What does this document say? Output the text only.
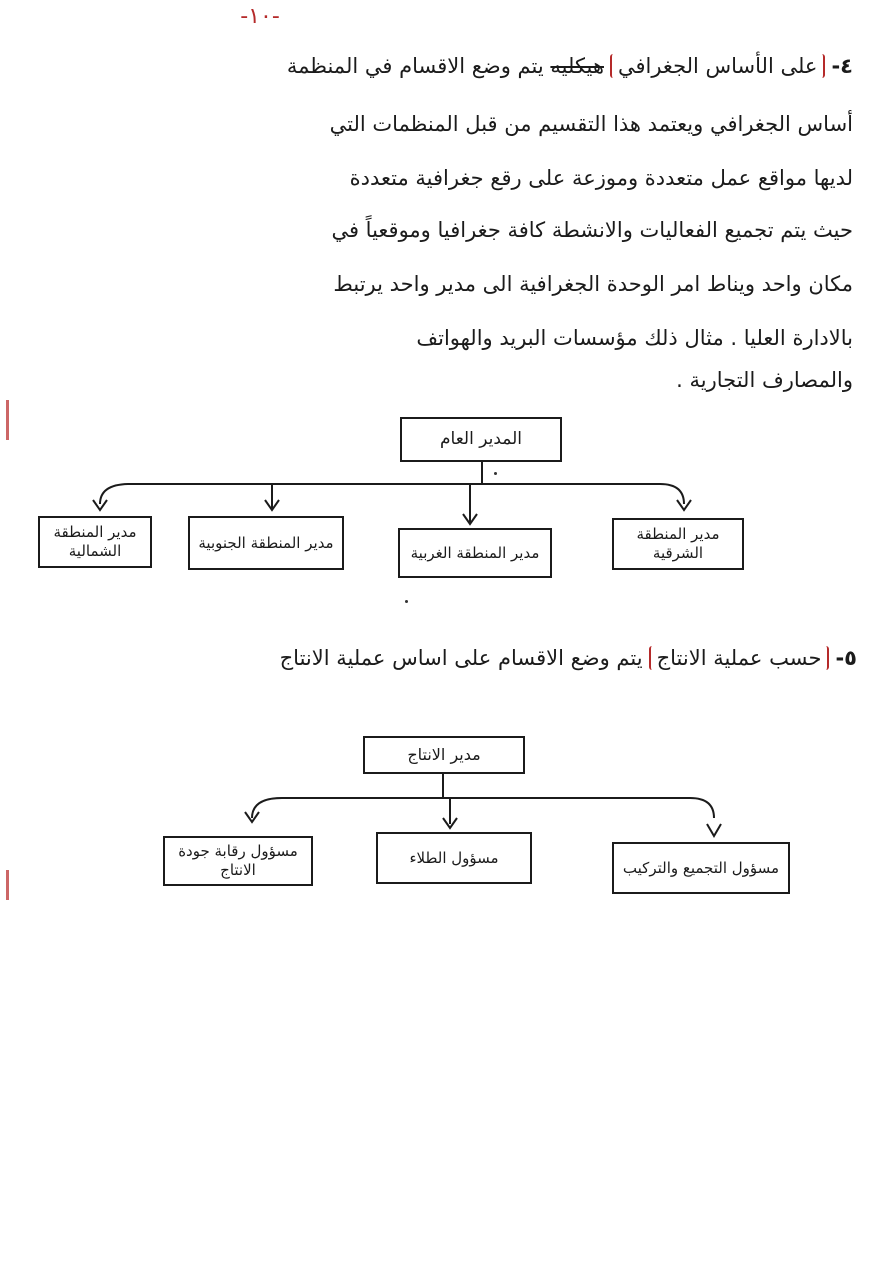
-١٠-
٤-على الأساس الجغرافيهيكليه يتم وضع الاقسام في المنظمة
أساس الجغرافي ويعتمد هذا التقسيم من قبل المنظمات التي
لديها مواقع عمل متعددة وموزعة على رقع جغرافية متعددة
حيث يتم تجميع الفعاليات والانشطة كافة جغرافيا وموقعياً في
مكان واحد ويناط امر الوحدة الجغرافية الى مدير واحد يرتبط
بالادارة العليا . مثال ذلك مؤسسات البريد والهواتف
والمصارف التجارية .
المدير العام
مدير المنطقة الشرقية
مدير المنطقة الغربية
مدير المنطقة الجنوبية
مدير المنطقة الشمالية
٥-حسب عملية الانتاجيتم وضع الاقسام على اساس عملية الانتاج
مدير الانتاج
مسؤول التجميع والتركيب
مسؤول الطلاء
مسؤول رقابة جودة الانتاج
